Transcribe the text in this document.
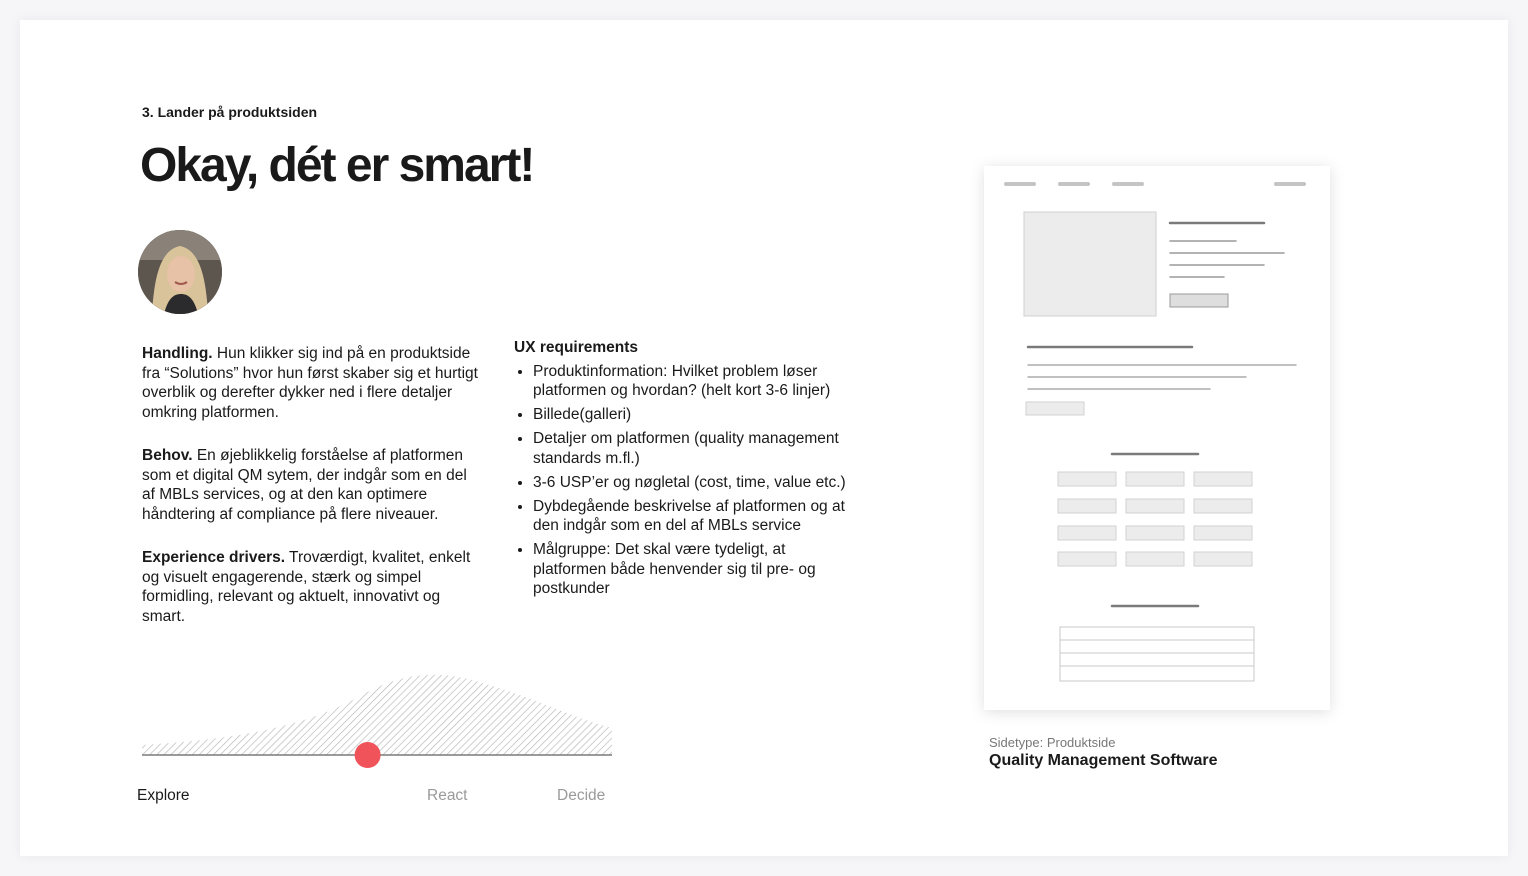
3. Lander på produktsiden
Okay, dét er smart!

Handling. Hun klikker sig ind på en produktside fra “Solutions” hvor hun først skaber sig et hurtigt overblik og derefter dykker ned i flere detaljer omkring platformen.

Behov. En øjeblikkelig forståelse af platformen som et digital QM sytem, der indgår som en del af MBLs services, og at den kan optimere håndtering af compliance på flere niveauer.

Experience drivers. Troværdigt, kvalitet, enkelt og visuelt engagerende, stærk og simpel formidling, relevant og aktuelt, innovativt og smart.

UX requirements
• Produktinformation: Hvilket problem løser platformen og hvordan? (helt kort 3-6 linjer)
• Billede(galleri)
• Detaljer om platformen (quality management standards m.fl.)
• 3-6 USP’er og nøgletal (cost, time, value etc.)
• Dybdegående beskrivelse af platformen og at den indgår som en del af MBLs service
• Målgruppe: Det skal være tydeligt, at platformen både henvender sig til pre- og postkunder
Explore	React	Decide
Sidetype: Produktside
Quality Management Software
